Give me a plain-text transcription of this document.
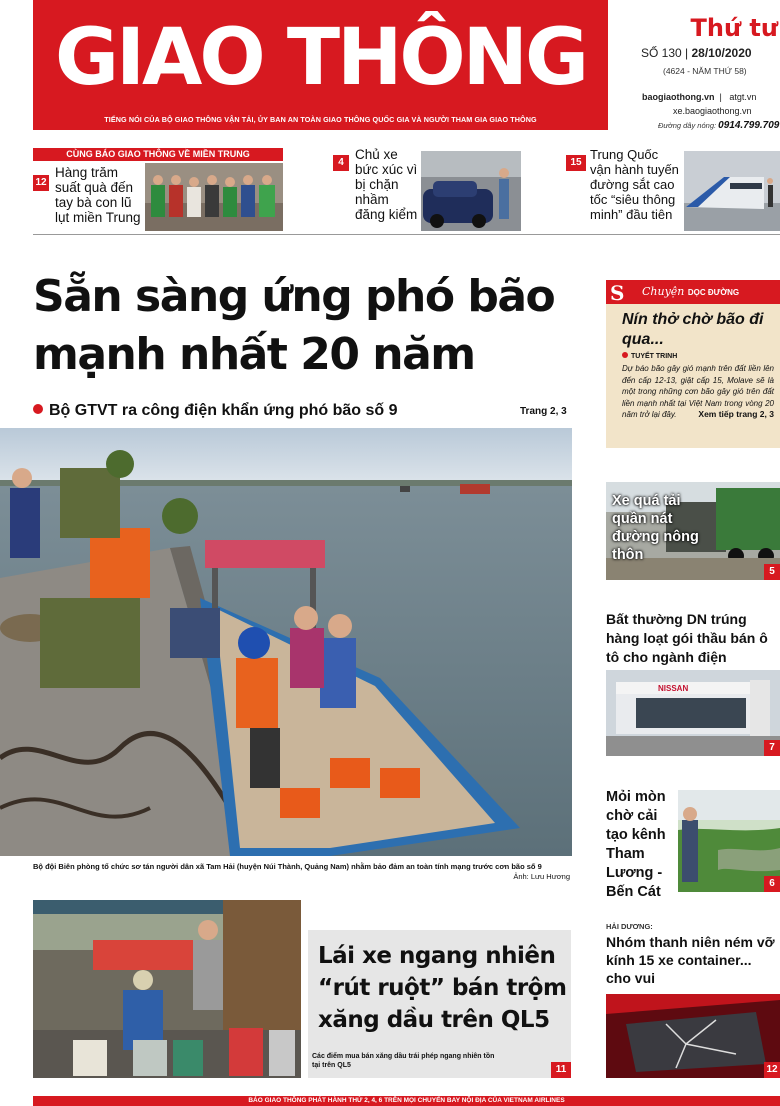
GIAO THÔNG
TIẾNG NÓI CỦA BỘ GIAO THÔNG VẬN TẢI, ỦY BAN AN TOÀN GIAO THÔNG QUỐC GIA VÀ NGƯỜI THAM GIA GIAO THÔNG
Thứ tư
SỐ 130 | 28/10/2020
(4624 - NĂM THỨ 58)
baogiaothong.vn  |   atgt.vn
xe.baogiaothong.vn
Đường dây nóng: 0914.799.709
CÙNG BÁO GIAO THÔNG VỀ MIỀN TRUNG
12
Hàng trăm suất quà đến tay bà con lũ lụt miền Trung
4
Chủ xe bức xúc vì bị chặn nhầm đăng kiểm
15
Trung Quốc vận hành tuyến đường sắt cao tốc “siêu thông minh” đầu tiên
Sẵn sàng ứng phó bão mạnh nhất 20 năm
Bộ GTVT ra công điện khẩn ứng phó bão số 9	Trang 2, 3
Bộ đội Biên phòng tổ chức sơ tán người dân xã Tam Hải (huyện Núi Thành, Quảng Nam) nhằm bảo đảm an toàn tính mạng trước cơn bão số 9
Ảnh: Lưu Hương
S Chuyện DỌC ĐƯỜNG
Nín thở chờ bão đi qua...
TUYẾT TRINH
Dự báo bão gây gió mạnh trên đất liền lên đến cấp 12-13, giật cấp 15, Molave sẽ là một trong những cơn bão gây gió trên đất liền mạnh nhất tại Việt Nam trong vòng 20 năm trở lại đây.	Xem tiếp trang 2, 3
Xe quá tải quần nát đường nông thôn
5
Bất thường DN trúng hàng loạt gói thầu bán ô tô cho ngành điện
NISSAN
7
Mỏi mòn chờ cải tạo kênh Tham Lương - Bến Cát
6
HẢI DƯƠNG:
Nhóm thanh niên ném vỡ kính 15 xe container... cho vui
12
Lái xe ngang nhiên “rút ruột” bán trộm xăng dầu trên QL5
Các điểm mua bán xăng dầu trái phép ngang nhiên tồn tại trên QL5	11
BÁO GIAO THÔNG PHÁT HÀNH THỨ 2, 4, 6 TRÊN MỌI CHUYẾN BAY NỘI ĐỊA CỦA VIETNAM AIRLINES
